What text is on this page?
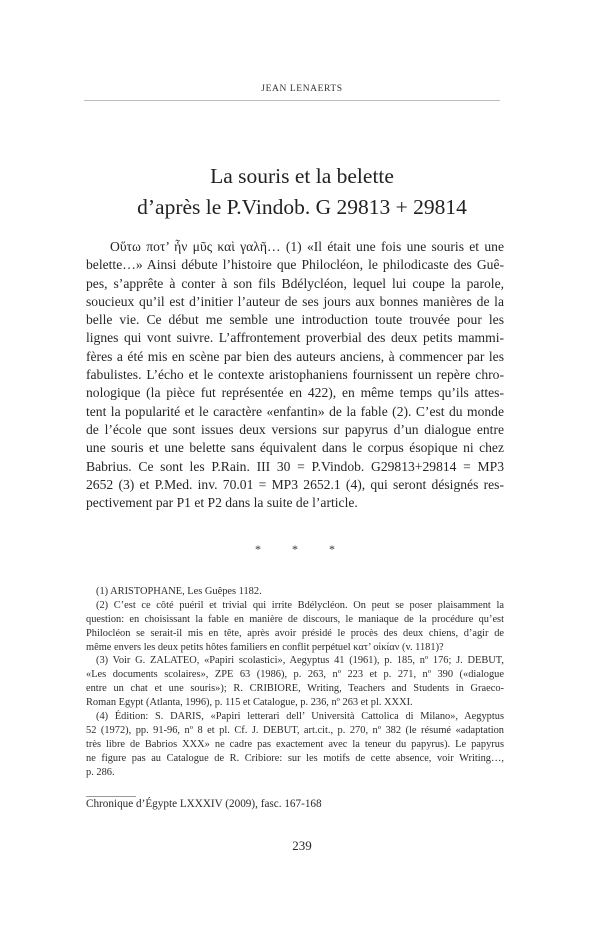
JEAN LENAERTS
La souris et la belette
d’après le P.Vindob. G 29813 + 29814
Οὕτω ποτ’ ἦν μῦς καὶ γαλῆ… (1) «Il était une fois une souris et une
belette…» Ainsi débute l’histoire que Philocléon, le philodicaste des Guê-
pes, s’apprête à conter à son fils Bdélycléon, lequel lui coupe la parole,
soucieux qu’il est d’initier l’auteur de ses jours aux bonnes manières de la
belle vie. Ce début me semble une introduction toute trouvée pour les
lignes qui vont suivre. L’affrontement proverbial des deux petits mammi-
fères a été mis en scène par bien des auteurs anciens, à commencer par les
fabulistes. L’écho et le contexte aristophaniens fournissent un repère chro-
nologique (la pièce fut représentée en 422), en même temps qu’ils attes-
tent la popularité et le caractère «enfantin» de la fable (2). C’est du monde
de l’école que sont issues deux versions sur papyrus d’un dialogue entre
une souris et une belette sans équivalent dans le corpus ésopique ni chez
Babrius. Ce sont les P.Rain. III 30 = P.Vindob. G29813+29814 = MP3
2652 (3) et P.Med. inv. 70.01 = MP3 2652.1 (4), qui seront désignés res-
pectivement par P1 et P2 dans la suite de l’article.
* * *
(1) ARISTOPHANE, Les Guêpes 1182.
(2) C’est ce côté puéril et trivial qui irrite Bdélycléon. On peut se poser plaisamment la
question: en choisissant la fable en manière de discours, le maniaque de la procédure qu’est
Philocléon se serait-il mis en tête, après avoir présidé le procès des deux chiens, d’agir de
même envers les deux petits hôtes familiers en conflit perpétuel κατ’ οἰκίαν (v. 1181)?
(3) Voir G. ZALATEO, «Papiri scolastici», Aegyptus 41 (1961), p. 185, nº 176; J. DEBUT,
«Les documents scolaires», ZPE 63 (1986), p. 263, nº 223 et p. 271, nº 390 («dialogue
entre un chat et une souris»); R. CRIBIORE, Writing, Teachers and Students in Graeco-
Roman Egypt (Atlanta, 1996), p. 115 et Catalogue, p. 236, nº 263 et pl. XXXI.
(4) Édition: S. DARIS, «Papiri letterari dell’ Università Cattolica di Milano», Aegyptus
52 (1972), pp. 91-96, nº 8 et pl. Cf. J. DEBUT, art.cit., p. 270, nº 382 (le résumé «adaptation
très libre de Babrios XXX» ne cadre pas exactement avec la teneur du papyrus). Le papyrus
ne figure pas au Catalogue de R. Cribiore: sur les motifs de cette absence, voir Writing…,
p. 286.
Chronique d’Égypte LXXXIV (2009), fasc. 167-168
239
